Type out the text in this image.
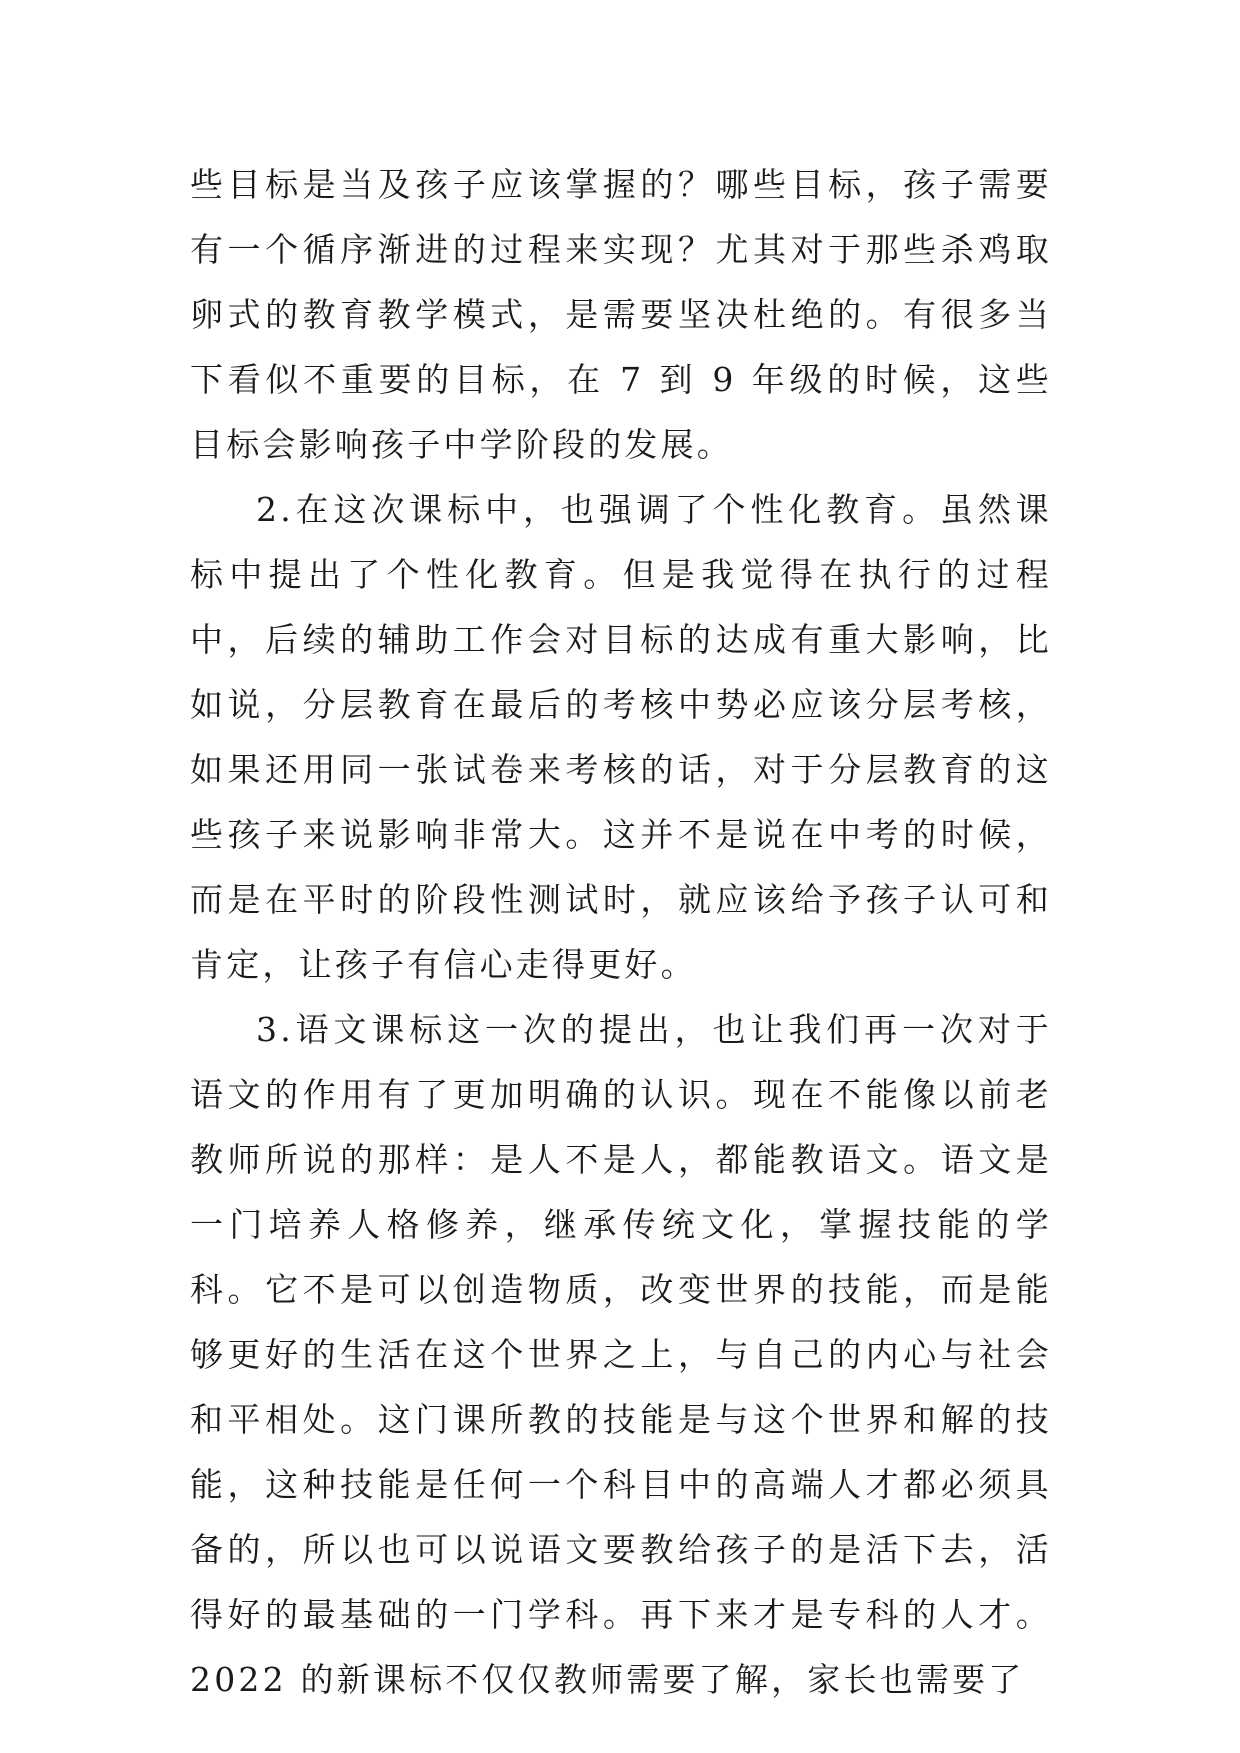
些目标是当及孩子应该掌握的？哪些目标，孩子需要有一个循序渐进的过程来实现？尤其对于那些杀鸡取卵式的教育教学模式，是需要坚决杜绝的。有很多当下看似不重要的目标，在 7 到 9 年级的时候，这些目标会影响孩子中学阶段的发展。

2.在这次课标中，也强调了个性化教育。虽然课标中提出了个性化教育。但是我觉得在执行的过程中，后续的辅助工作会对目标的达成有重大影响，比如说，分层教育在最后的考核中势必应该分层考核，如果还用同一张试卷来考核的话，对于分层教育的这些孩子来说影响非常大。这并不是说在中考的时候，而是在平时的阶段性测试时，就应该给予孩子认可和肯定，让孩子有信心走得更好。

3.语文课标这一次的提出，也让我们再一次对于语文的作用有了更加明确的认识。现在不能像以前老教师所说的那样：是人不是人，都能教语文。语文是一门培养人格修养，继承传统文化，掌握技能的学科。它不是可以创造物质，改变世界的技能，而是能够更好的生活在这个世界之上，与自己的内心与社会和平相处。这门课所教的技能是与这个世界和解的技能，这种技能是任何一个科目中的高端人才都必须具备的，所以也可以说语文要教给孩子的是活下去，活得好的最基础的一门学科。再下来才是专科的人才。2022 的新课标不仅仅教师需要了解，家长也需要了
